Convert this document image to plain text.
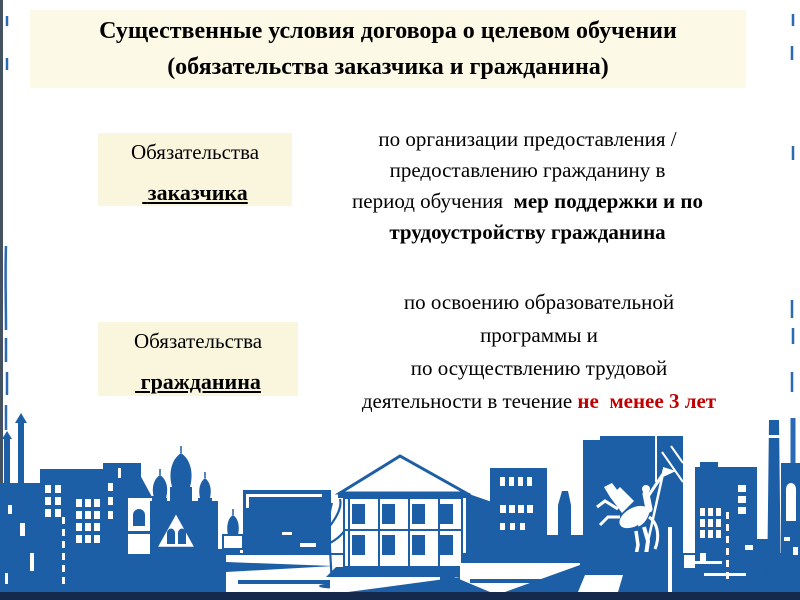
Существенные условия договора о целевом обучении
(обязательства заказчика и гражданина)
Обязательства
заказчика
по организации предоставления /
предоставлению гражданину в
период обучения  мер поддержки и по
трудоустройству гражданина
Обязательства
гражданина
по освоению образовательной
программы и
по осуществлению трудовой
деятельности в течение не  менее 3 лет
